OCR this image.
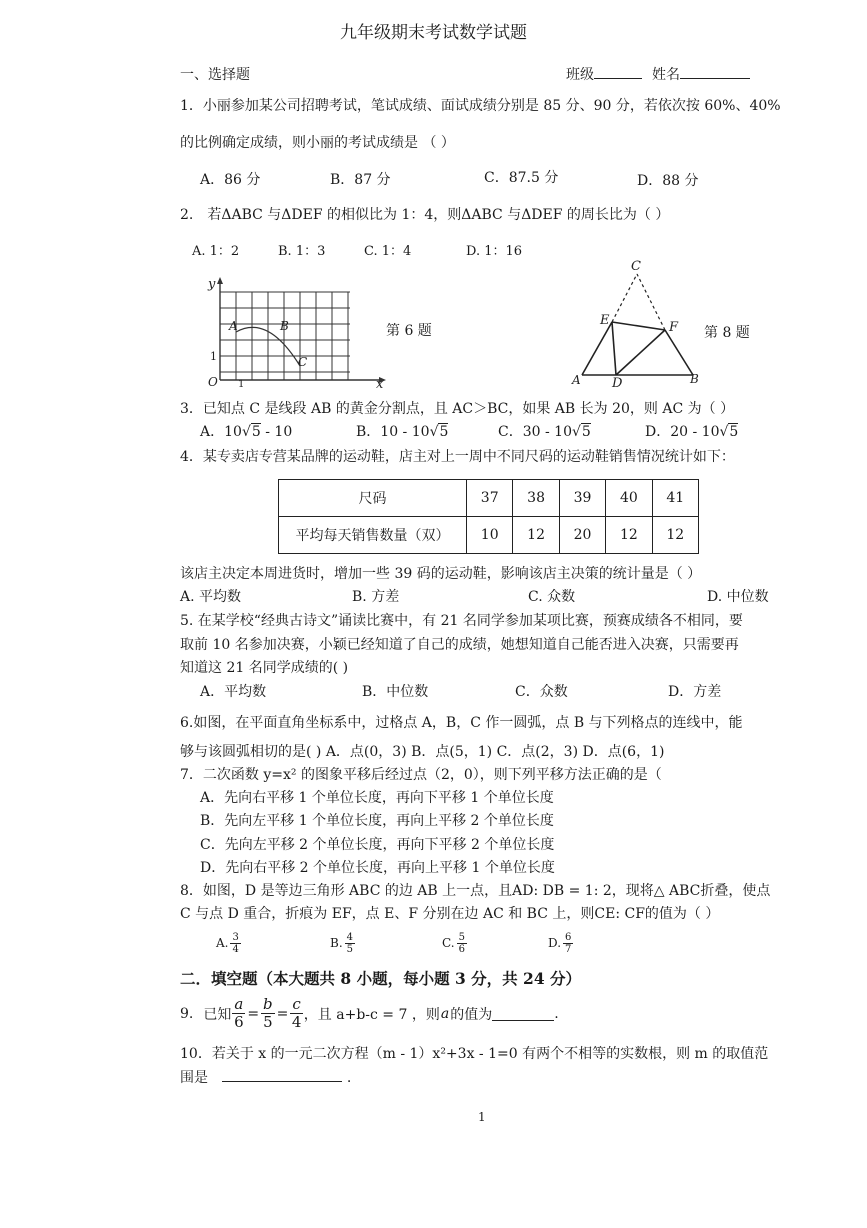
九年级期末考试数学试题
一、选择题	班级	姓名
1．小丽参加某公司招聘考试，笔试成绩、面试成绩分别是 85 分、90 分，若依次按 60%、40%
的比例确定成绩，则小丽的考试成绩是 （ ）
A．86 分	B．87 分	C．87.5 分	D．88 分
2.　若ΔABC 与ΔDEF 的相似比为 1：4，则ΔABC 与ΔDEF 的周长比为（ ）
A. 1：2	B. 1：3	C. 1：4	D. 1：16
y
A	B
C
1
O 1	x
第 6 题
C
E	F
A D	B
第 8 题
3．已知点 C 是线段 AB 的黄金分割点，且 AC＞BC，如果 AB 长为 20，则 AC 为（ ）
A．10√5 - 10	B．10 - 10√5	C．30 - 10√5	D．20 - 10√5
4．某专卖店专营某品牌的运动鞋，店主对上一周中不同尺码的运动鞋销售情况统计如下：
尺码	37	38	39	40	41
平均每天销售数量（双）	10	12	20	12	12
该店主决定本周进货时，增加一些 39 码的运动鞋，影响该店主决策的统计量是（ ）
A. 平均数	B. 方差	C. 众数	D. 中位数
5. 在某学校“经典古诗文”诵读比赛中，有 21 名同学参加某项比赛，预赛成绩各不相同，要
取前 10 名参加决赛，小颖已经知道了自己的成绩，她想知道自己能否进入决赛，只需要再
知道这 21 名同学成绩的( )
A．平均数	B．中位数	C．众数	D．方差
6.如图，在平面直角坐标系中，过格点 A，B，C 作一圆弧，点 B 与下列格点的连线中，能
够与该圆弧相切的是( ) A．点(0，3) B．点(5，1) C．点(2，3) D．点(6，1)
7．二次函数 y=x² 的图象平移后经过点（2，0），则下列平移方法正确的是（
A．先向右平移 1 个单位长度，再向下平移 1 个单位长度
B．先向左平移 1 个单位长度，再向上平移 2 个单位长度
C．先向左平移 2 个单位长度，再向下平移 2 个单位长度
D．先向右平移 2 个单位长度，再向上平移 1 个单位长度
8．如图，D 是等边三角形 ABC 的边 AB 上一点，且AD: DB = 1: 2，现将△ ABC折叠，使点
C 与点 D 重合，折痕为 EF，点 E、F 分别在边 AC 和 BC 上，则CE: CF的值为（ ）
A. $\frac{3}{4}$	B. $\frac{4}{5}$	C. $\frac{5}{6}$	D. $\frac{6}{7}$
二．填空题（本大题共 8 小题，每小题 3 分，共 24 分）
9. 已知 $\frac{a}{6} = \frac{b}{5} = \frac{c}{4}$ ，且 a+b-c = 7 ，则 a 的值为	.
10．若关于 x 的一元二次方程（m - 1）x²+3x - 1=0 有两个不相等的实数根，则 m 的取值范
围是	.
1
